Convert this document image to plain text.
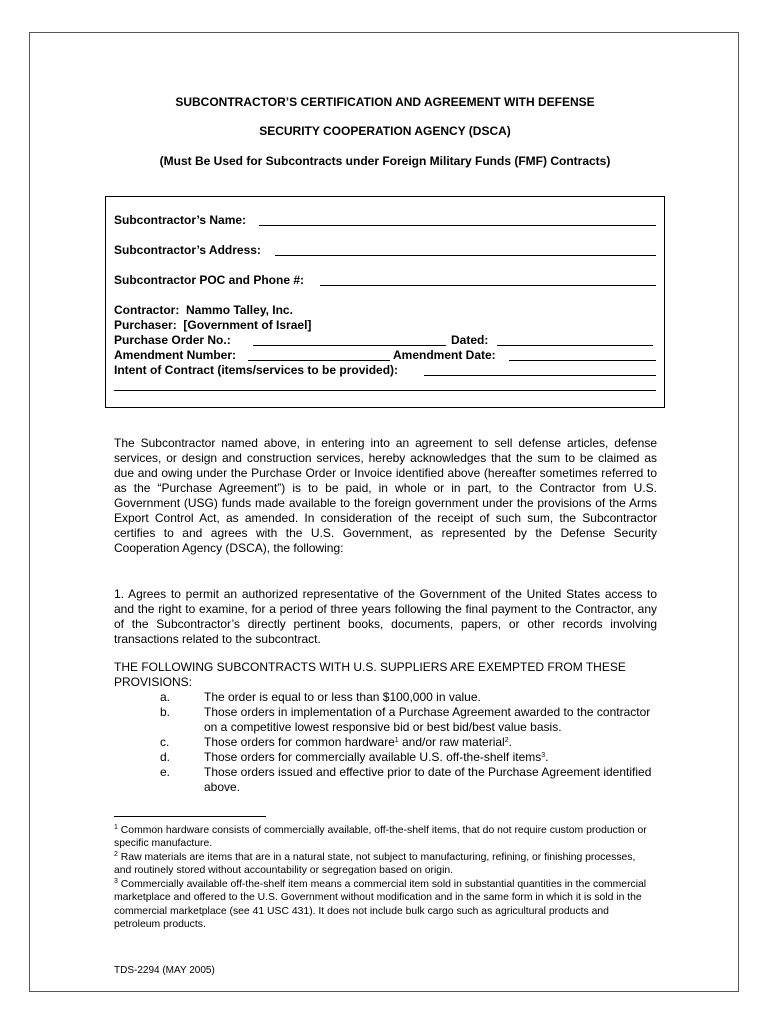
SUBCONTRACTOR’S CERTIFICATION AND AGREEMENT WITH DEFENSE
SECURITY COOPERATION AGENCY (DSCA)
(Must Be Used for Subcontracts under Foreign Military Funds (FMF) Contracts)
Subcontractor’s Name:
Subcontractor’s Address:
Subcontractor POC and Phone #:
Contractor: Nammo Talley, Inc.
Purchaser: [Government of Israel]
Purchase Order No.:	Dated:
Amendment Number:	Amendment Date:
Intent of Contract (items/services to be provided):

The Subcontractor named above, in entering into an agreement to sell defense articles, defense services, or design and construction services, hereby acknowledges that the sum to be claimed as due and owing under the Purchase Order or Invoice identified above (hereafter sometimes referred to as the “Purchase Agreement”) is to be paid, in whole or in part, to the Contractor from U.S. Government (USG) funds made available to the foreign government under the provisions of the Arms Export Control Act, as amended. In consideration of the receipt of such sum, the Subcontractor certifies to and agrees with the U.S. Government, as represented by the Defense Security Cooperation Agency (DSCA), the following:

1. Agrees to permit an authorized representative of the Government of the United States access to and the right to examine, for a period of three years following the final payment to the Contractor, any of the Subcontractor’s directly pertinent books, documents, papers, or other records involving transactions related to the subcontract.

THE FOLLOWING SUBCONTRACTS WITH U.S. SUPPLIERS ARE EXEMPTED FROM THESE PROVISIONS:

a.	The order is equal to or less than $100,000 in value.
b.	Those orders in implementation of a Purchase Agreement awarded to the contractor on a competitive lowest responsive bid or best bid/best value basis.
c.	Those orders for common hardware$^1$ and/or raw material$^2$.
d.	Those orders for commercially available U.S. off-the-shelf items$^3$.
e.	Those orders issued and effective prior to date of the Purchase Agreement identified above.

$^1$ Common hardware consists of commercially available, off-the-shelf items, that do not require custom production or specific manufacture.

$^2$ Raw materials are items that are in a natural state, not subject to manufacturing, refining, or finishing processes, and routinely stored without accountability or segregation based on origin.

$^3$ Commercially available off-the-shelf item means a commercial item sold in substantial quantities in the commercial marketplace and offered to the U.S. Government without modification and in the same form in which it is sold in the commercial marketplace (see 41 USC 431). It does not include bulk cargo such as agricultural products and petroleum products.

TDS-2294 (MAY 2005)
